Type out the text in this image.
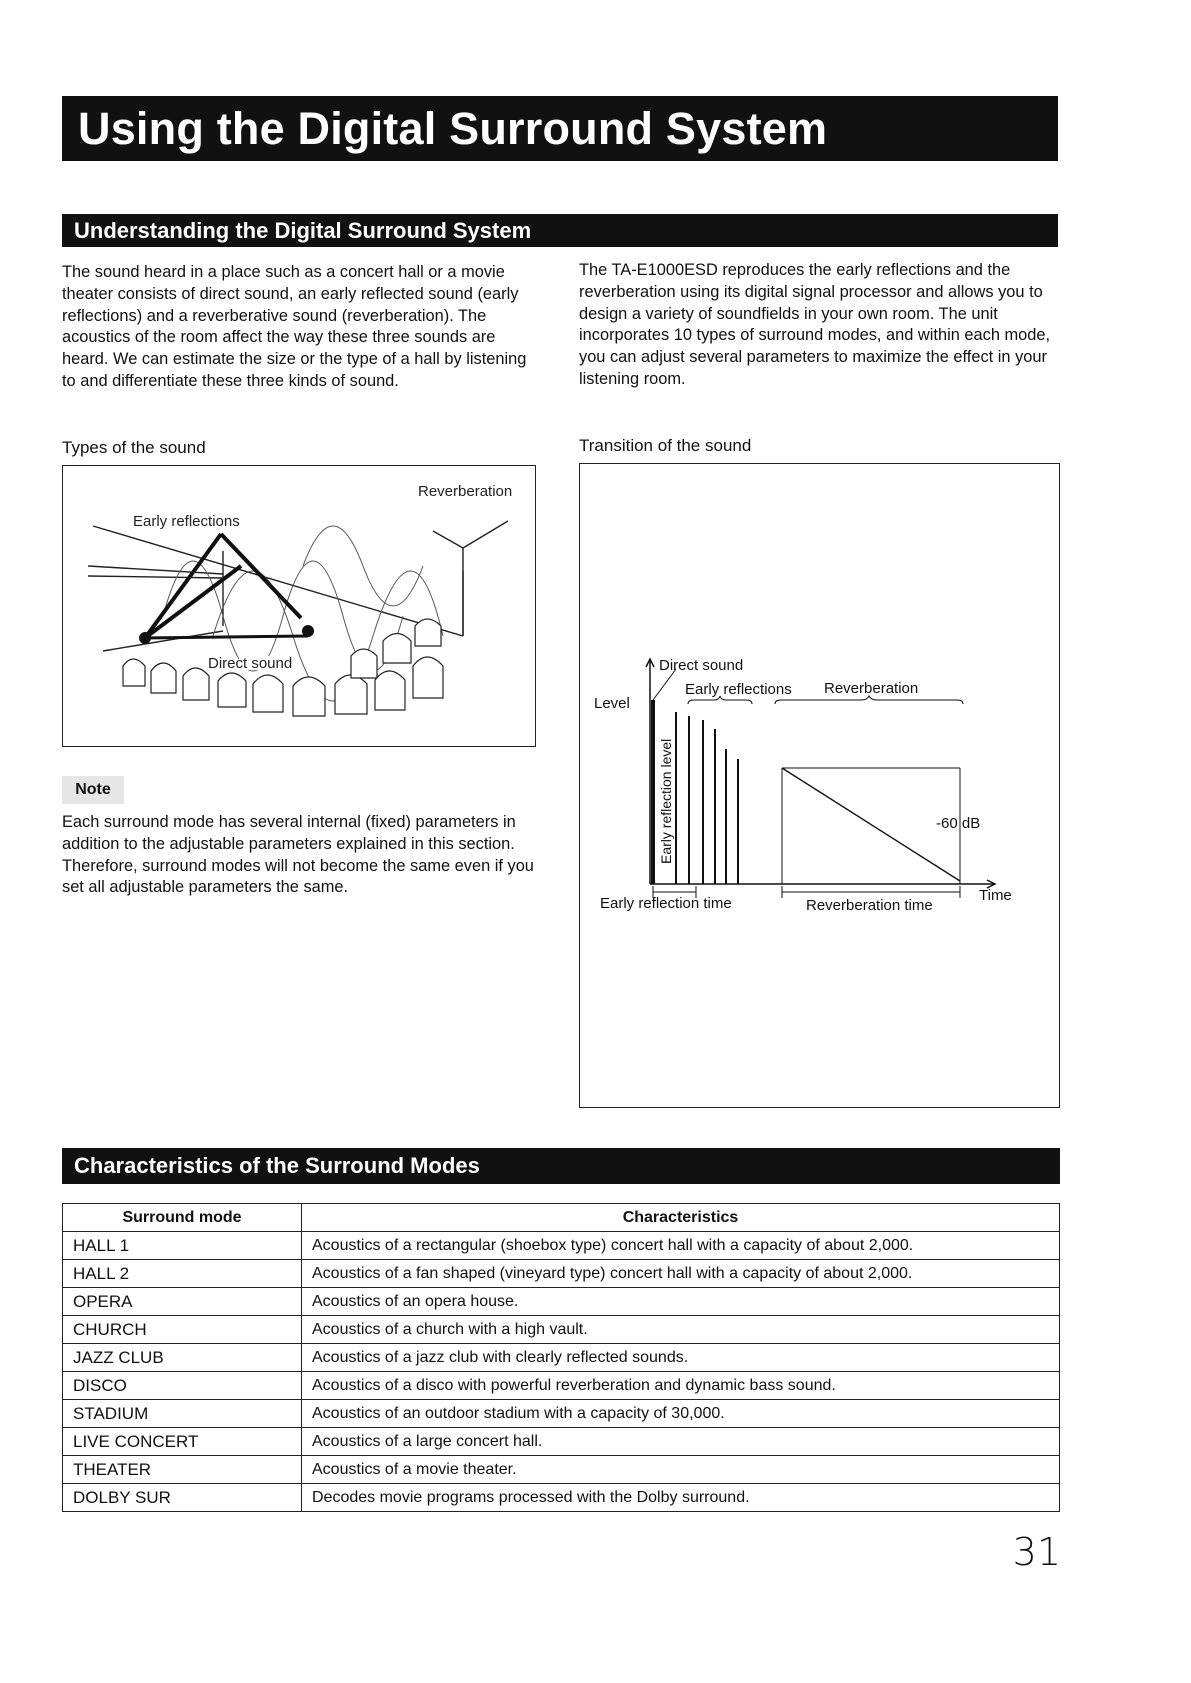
Using the Digital Surround System
Understanding the Digital Surround System
The sound heard in a place such as a concert hall or a movie theater consists of direct sound, an early reflected sound (early reflections) and a reverberative sound (reverberation). The acoustics of the room affect the way these three sounds are heard. We can estimate the size or the type of a hall by listening to and differentiate these three kinds of sound.
The TA-E1000ESD reproduces the early reflections and the reverberation using its digital signal processor and allows you to design a variety of soundfields in your own room. The unit incorporates 10 types of surround modes, and within each mode, you can adjust several parameters to maximize the effect in your listening room.
Types of the sound	Transition of the sound
Reverberation
Early reflections
Direct sound	Direct sound
Early reflections Reverberation
Level
Early reflection level	-60 dB
Time
Early reflection time	Reverberation time
Note
Each surround mode has several internal (fixed) parameters in addition to the adjustable parameters explained in this section.
Therefore, surround modes will not become the same even if you set all adjustable parameters the same.
Characteristics of the Surround Modes
Surround mode	Characteristics
HALL 1	Acoustics of a rectangular (shoebox type) concert hall with a capacity of about 2,000.
HALL 2	Acoustics of a fan shaped (vineyard type) concert hall with a capacity of about 2,000.
OPERA	Acoustics of an opera house.
CHURCH	Acoustics of a church with a high vault.
JAZZ CLUB	Acoustics of a jazz club with clearly reflected sounds.
DISCO	Acoustics of a disco with powerful reverberation and dynamic bass sound.
STADIUM	Acoustics of an outdoor stadium with a capacity of 30,000.
LIVE CONCERT	Acoustics of a large concert hall.
THEATER	Acoustics of a movie theater.
DOLBY SUR	Decodes movie programs processed with the Dolby surround.
31
